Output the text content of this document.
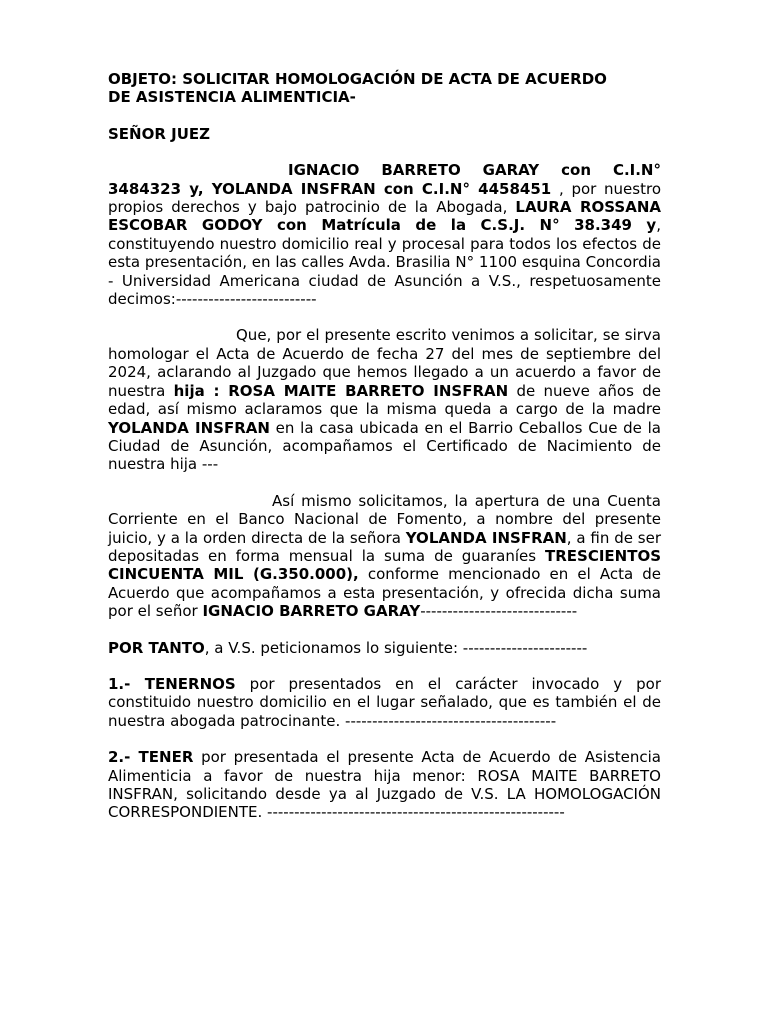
OBJETO: SOLICITAR HOMOLOGACIÓN DE ACTA DE ACUERDO

DE ASISTENCIA ALIMENTICIA-

SEÑOR JUEZ

IGNACIO BARRETO GARAY con C.I.N° 3484323 y, YOLANDA INSFRAN con C.I.N° 4458451 , por nuestro propios derechos y bajo patrocinio de la Abogada, LAURA ROSSANA ESCOBAR GODOY con Matrícula de la C.S.J. N° 38.349 y, constituyendo nuestro domicilio real y procesal para todos los efectos de esta presentación, en las calles Avda. Brasilia N° 1100 esquina Concordia - Universidad Americana ciudad de Asunción a V.S., respetuosamente decimos:--------------------------

Que, por el presente escrito venimos a solicitar, se sirva homologar el Acta de Acuerdo de fecha 27 del mes de septiembre del 2024, aclarando al Juzgado que hemos llegado a un acuerdo a favor de nuestra hija : ROSA MAITE BARRETO INSFRAN de nueve años de edad, así mismo aclaramos que la misma queda a cargo de la madre YOLANDA INSFRAN en la casa ubicada en el Barrio Ceballos Cue de la Ciudad de Asunción, acompañamos el Certificado de Nacimiento de nuestra hija ---

Así mismo solicitamos, la apertura de una Cuenta Corriente en el Banco Nacional de Fomento, a nombre del presente juicio, y a la orden directa de la señora YOLANDA INSFRAN, a fin de ser depositadas en forma mensual la suma de guaraníes TRESCIENTOS CINCUENTA MIL (G.350.000), conforme mencionado en el Acta de Acuerdo que acompañamos a esta presentación, y ofrecida dicha suma por el señor IGNACIO BARRETO GARAY-----------------------------

POR TANTO, a V.S. peticionamos lo siguiente: -----------------------

1.- TENERNOS por presentados en el carácter invocado y por constituido nuestro domicilio en el lugar señalado, que es también el de nuestra abogada patrocinante. ---------------------------------------

2.- TENER por presentada el presente Acta de Acuerdo de Asistencia Alimenticia a favor de nuestra hija menor: ROSA MAITE BARRETO INSFRAN, solicitando desde ya al Juzgado de V.S. LA HOMOLOGACIÓN CORRESPONDIENTE. -------------------------------------------------------
